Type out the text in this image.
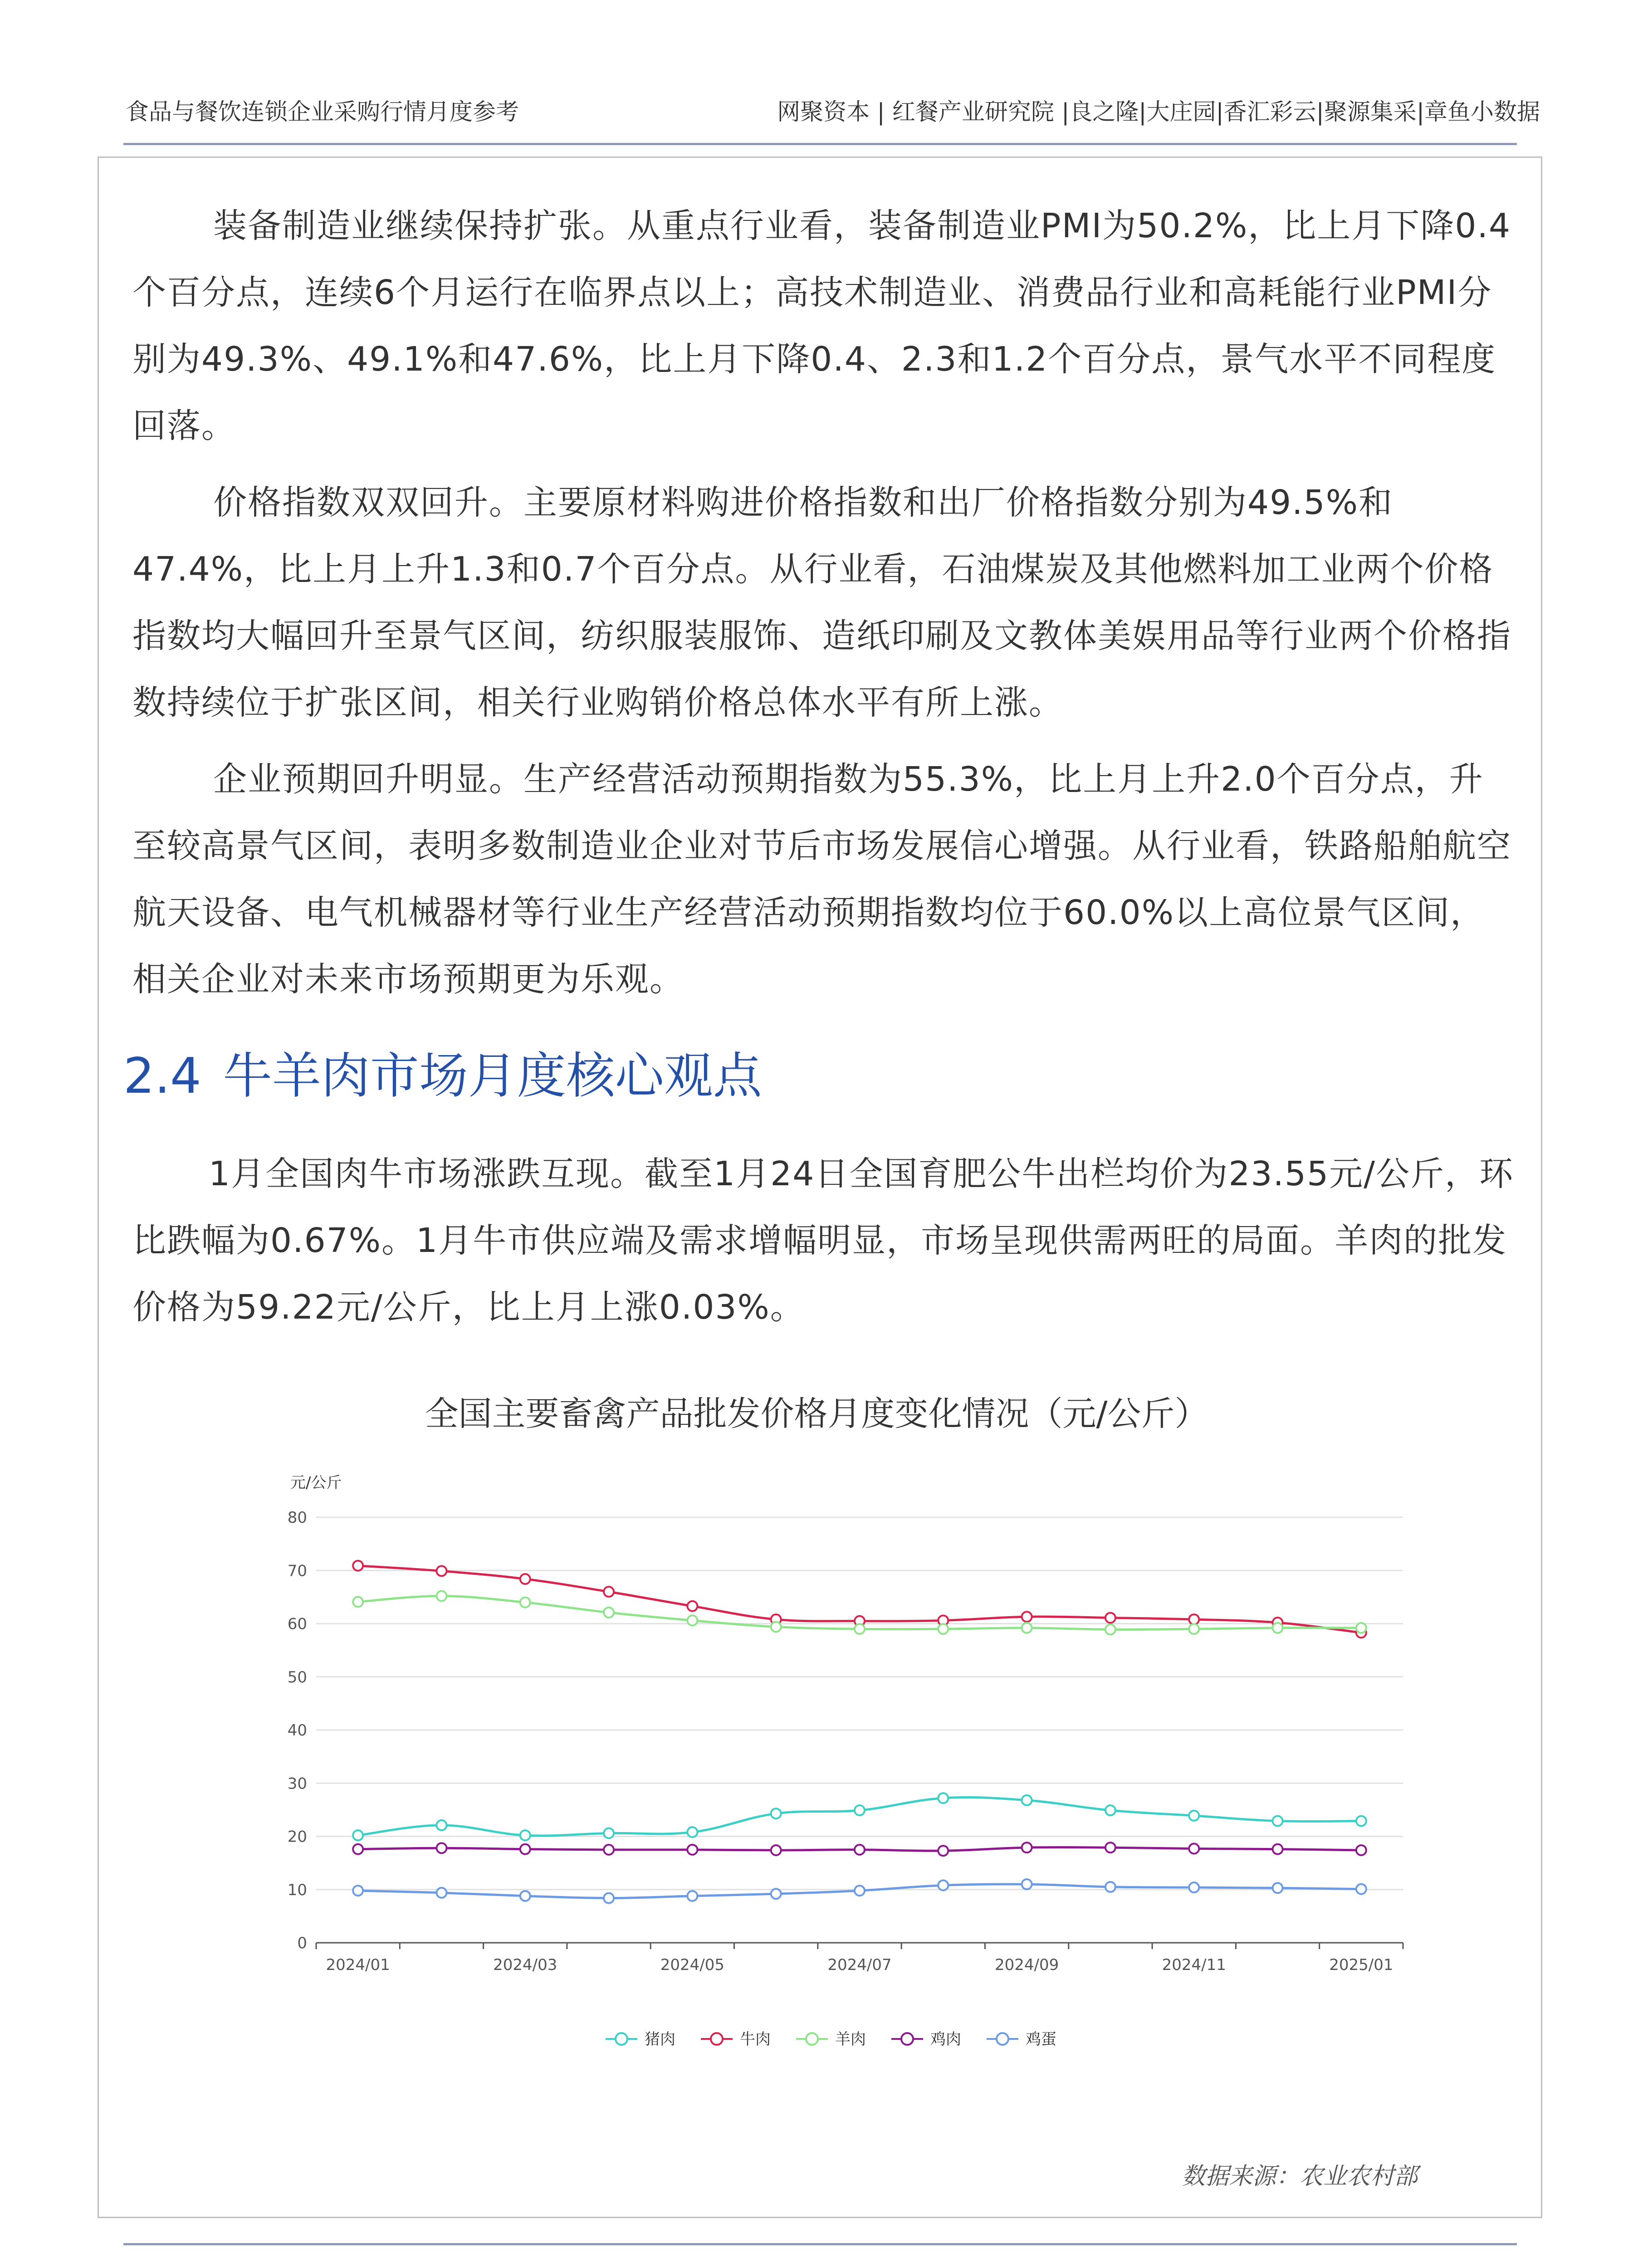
食品与餐饮连锁企业采购行情月度参考	网聚资本 | 红餐产业研究院 |良之隆|大庄园|香汇彩云|聚源集采|章鱼小数据

装备制造业继续保持扩张。从重点行业看，装备制造业PMI为50.2%，比上月下降0.4个百分点，连续6个月运行在临界点以上；高技术制造业、消费品行业和高耗能行业PMI分别为49.3%、49.1%和47.6%，比上月下降0.4、2.3和1.2个百分点，景气水平不同程度回落。

价格指数双双回升。主要原材料购进价格指数和出厂价格指数分别为49.5%和47.4%，比上月上升1.3和0.7个百分点。从行业看，石油煤炭及其他燃料加工业两个价格指数均大幅回升至景气区间，纺织服装服饰、造纸印刷及文教体美娱用品等行业两个价格指数持续位于扩张区间，相关行业购销价格总体水平有所上涨。

企业预期回升明显。生产经营活动预期指数为55.3%，比上月上升2.0个百分点，升至较高景气区间，表明多数制造业企业对节后市场发展信心增强。从行业看，铁路船舶航空航天设备、电气机械器材等行业生产经营活动预期指数均位于60.0%以上高位景气区间，相关企业对未来市场预期更为乐观。

2.4 牛羊肉市场月度核心观点

1月全国肉牛市场涨跌互现。截至1月24日全国育肥公牛出栏均价为23.55元/公斤，环比跌幅为0.67%。1月牛市供应端及需求增幅明显，市场呈现供需两旺的局面。羊肉的批发价格为59.22元/公斤，比上月上涨0.03%。

全国主要畜禽产品批发价格月度变化情况（元/公斤）
元/公斤
0
10
20
30
40
50
60
70
80
2024/01	2024/03	2024/05	2024/07	2024/09	2024/11	2025/01
猪肉	牛肉	羊肉	鸡肉	鸡蛋
数据来源：农业农村部
